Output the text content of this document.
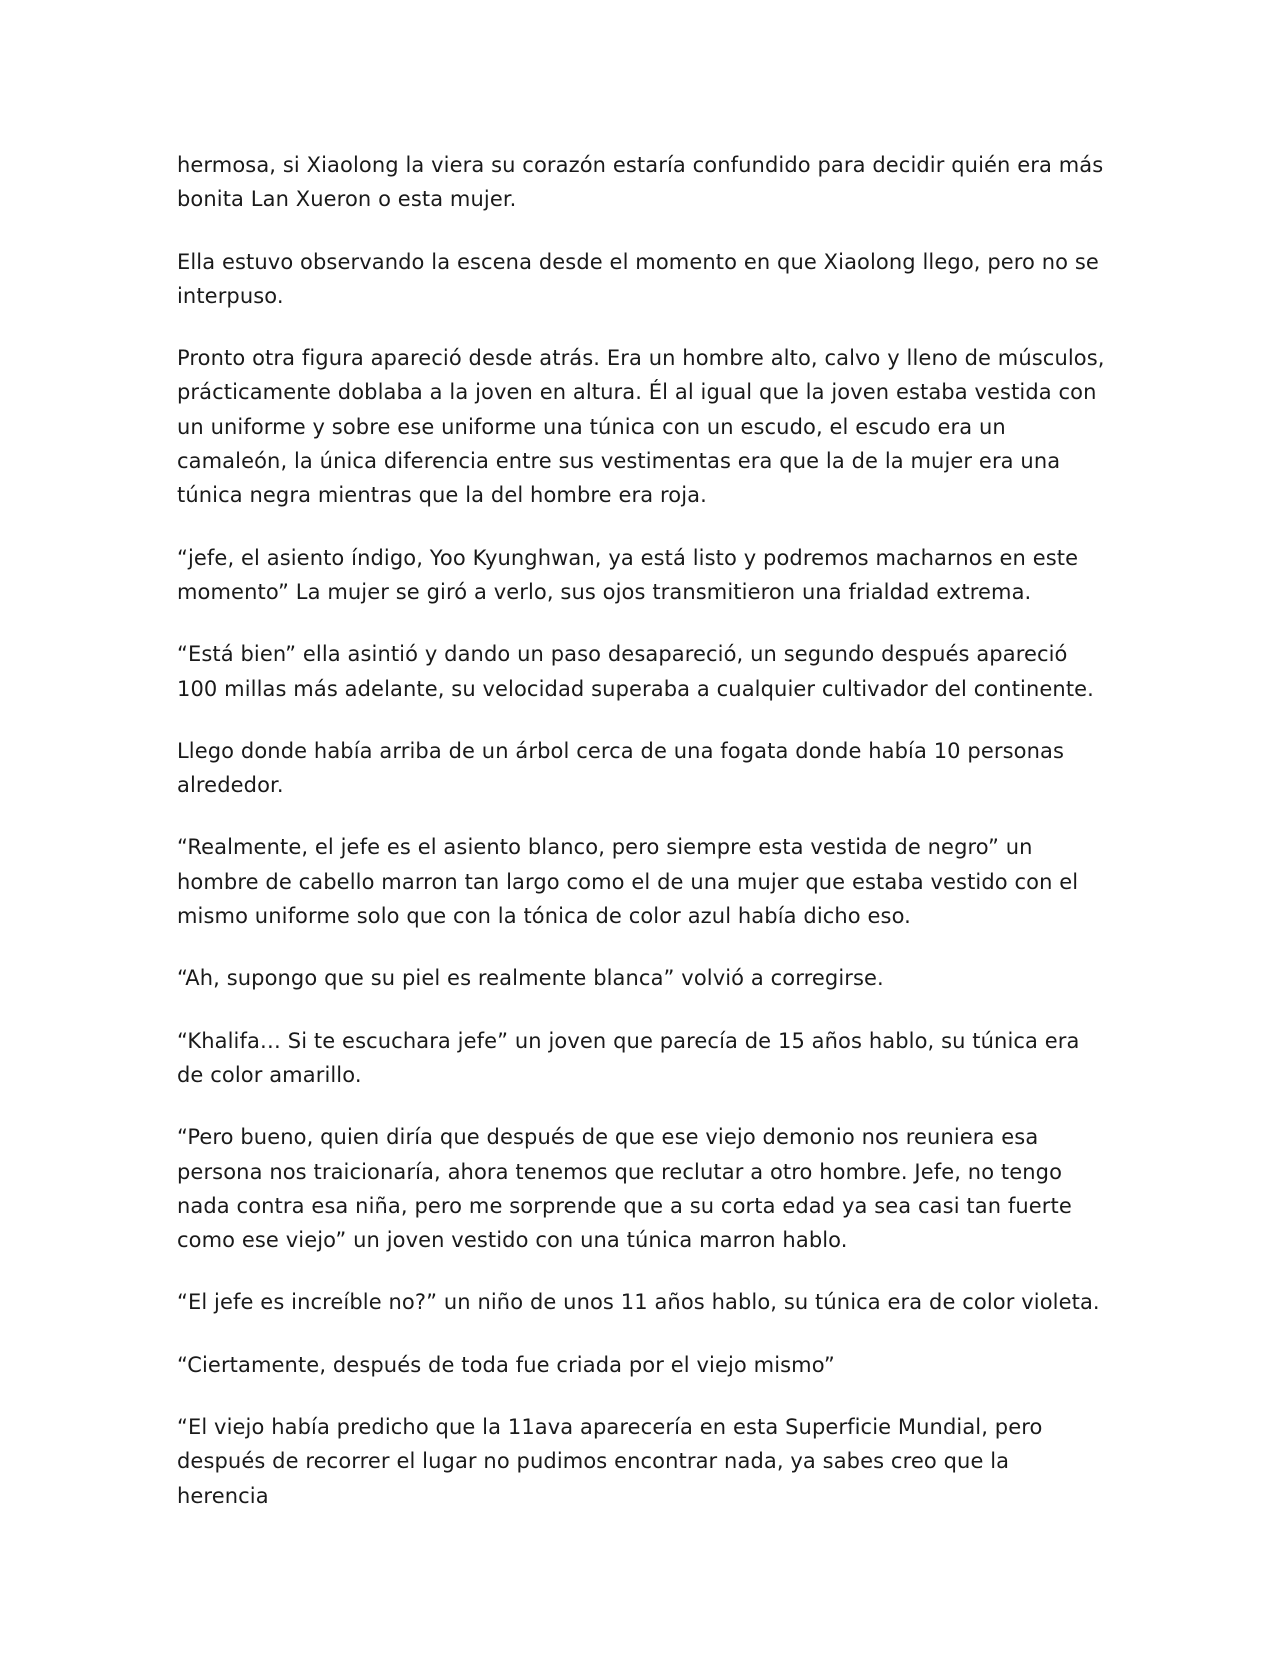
hermosa, si Xiaolong la viera su corazón estaría confundido para decidir quién era más bonita Lan Xueron o esta mujer.

Ella estuvo observando la escena desde el momento en que Xiaolong llego, pero no se interpuso.

Pronto otra figura apareció desde atrás. Era un hombre alto, calvo y lleno de músculos, prácticamente doblaba a la joven en altura. Él al igual que la joven estaba vestida con un uniforme y sobre ese uniforme una túnica con un escudo, el escudo era un camaleón, la única diferencia entre sus vestimentas era que la de la mujer era una túnica negra mientras que la del hombre era roja.

“jefe, el asiento índigo, Yoo Kyunghwan, ya está listo y podremos macharnos en este momento” La mujer se giró a verlo, sus ojos transmitieron una frialdad extrema.

“Está bien” ella asintió y dando un paso desapareció, un segundo después apareció 100 millas más adelante, su velocidad superaba a cualquier cultivador del continente.

Llego donde había arriba de un árbol cerca de una fogata donde había 10 personas alrededor.

“Realmente, el jefe es el asiento blanco, pero siempre esta vestida de negro” un hombre de cabello marron tan largo como el de una mujer que estaba vestido con el mismo uniforme solo que con la tónica de color azul había dicho eso.

“Ah, supongo que su piel es realmente blanca” volvió a corregirse.

“Khalifa… Si te escuchara jefe” un joven que parecía de 15 años hablo, su túnica era de color amarillo.

“Pero bueno, quien diría que después de que ese viejo demonio nos reuniera esa persona nos traicionaría, ahora tenemos que reclutar a otro hombre. Jefe, no tengo nada contra esa niña, pero me sorprende que a su corta edad ya sea casi tan fuerte como ese viejo” un joven vestido con una túnica marron hablo.

“El jefe es increíble no?” un niño de unos 11 años hablo, su túnica era de color violeta.

“Ciertamente, después de toda fue criada por el viejo mismo”

“El viejo había predicho que la 11ava aparecería en esta Superficie Mundial, pero después de recorrer el lugar no pudimos encontrar nada, ya sabes creo que la herencia
